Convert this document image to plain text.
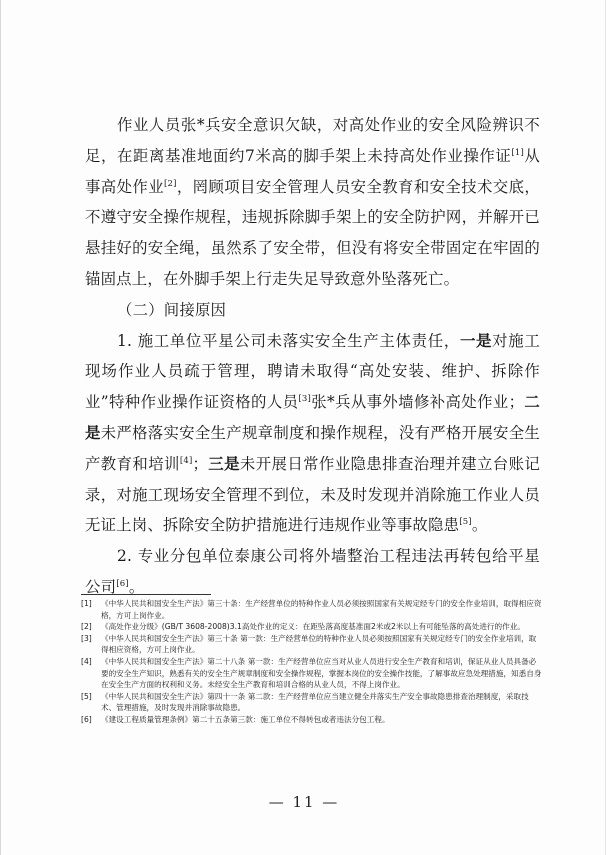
作业人员张*兵安全意识欠缺，对高处作业的安全风险辨识不足，在距离基准地面约7米高的脚手架上未持高处作业操作证[1]从事高处作业[2]，罔顾项目安全管理人员安全教育和安全技术交底，不遵守安全操作规程，违规拆除脚手架上的安全防护网，并解开已悬挂好的安全绳，虽然系了安全带，但没有将安全带固定在牢固的锚固点上，在外脚手架上行走失足导致意外坠落死亡。

（二）间接原因

1. 施工单位平星公司未落实安全生产主体责任，一是对施工现场作业人员疏于管理，聘请未取得“高处安装、维护、拆除作业”特种作业操作证资格的人员[3]张*兵从事外墙修补高处作业；二是未严格落实安全生产规章制度和操作规程，没有严格开展安全生产教育和培训[4]；三是未开展日常作业隐患排查治理并建立台账记录，对施工现场安全管理不到位，未及时发现并消除施工作业人员无证上岗、拆除安全防护措施进行违规作业等事故隐患[5]。

2. 专业分包单位泰康公司将外墙整治工程违法再转包给平星公司[6]。

[1] 《中华人民共和国安全生产法》第三十条：生产经营单位的特种作业人员必须按照国家有关规定经专门的安全作业培训，取得相应资格，方可上岗作业。

[2] 《高处作业分级》(GB/T 3608-2008)3.1高处作业的定义：在距坠落高度基准面2米或2米以上有可能坠落的高处进行的作业。

[3] 《中华人民共和国安全生产法》第三十条 第一款：生产经营单位的特种作业人员必须按照国家有关规定经专门的安全作业培训，取得相应资格，方可上岗作业。

[4] 《中华人民共和国安全生产法》第二十八条 第一款：生产经营单位应当对从业人员进行安全生产教育和培训，保证从业人员具备必要的安全生产知识，熟悉有关的安全生产规章制度和安全操作规程，掌握本岗位的安全操作技能，了解事故应急处理措施，知悉自身在安全生产方面的权利和义务。未经安全生产教育和培训合格的从业人员，不得上岗作业。

[5] 《中华人民共和国安全生产法》第四十一条 第二款：生产经营单位应当建立健全并落实生产安全事故隐患排查治理制度，采取技术、管理措施，及时发现并消除事故隐患。

[6] 《建设工程质量管理条例》第二十五条第三款：施工单位不得转包或者违法分包工程。

— 11 —
